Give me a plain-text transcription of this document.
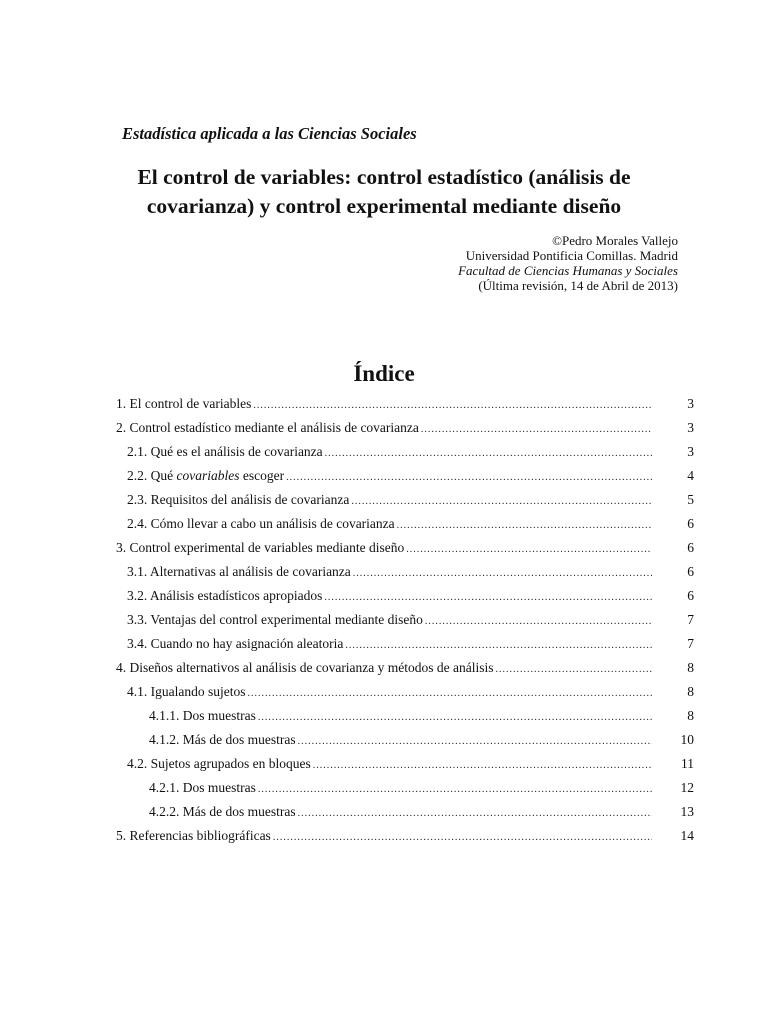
Estadística aplicada a las Ciencias Sociales
El control de variables: control estadístico (análisis de covarianza) y control experimental mediante diseño
©Pedro Morales Vallejo
Universidad Pontificia Comillas. Madrid
Facultad de Ciencias Humanas y Sociales
(Última revisión, 14 de Abril de 2013)
Índice
1. El control de variables .....	3
2. Control estadístico mediante el análisis de covarianza .....	3
2.1. Qué es el análisis de covarianza .....	3
2.2. Qué covariables escoger .....	4
2.3. Requisitos del análisis de covarianza .....	5
2.4. Cómo llevar a cabo un análisis de covarianza .....	6
3. Control experimental de variables mediante diseño .....	6
3.1. Alternativas al análisis de covarianza .....	6
3.2. Análisis estadísticos apropiados .....	6
3.3. Ventajas del control experimental mediante diseño .....	7
3.4. Cuando no hay asignación aleatoria .....	7
4. Diseños alternativos al análisis de covarianza y métodos de análisis .....	8
4.1. Igualando sujetos .....	8
4.1.1. Dos muestras .....	8
4.1.2. Más de dos muestras .....	10
4.2. Sujetos agrupados en bloques .....	11
4.2.1. Dos muestras .....	12
4.2.2. Más de dos muestras .....	13
5. Referencias bibliográficas .....	14
